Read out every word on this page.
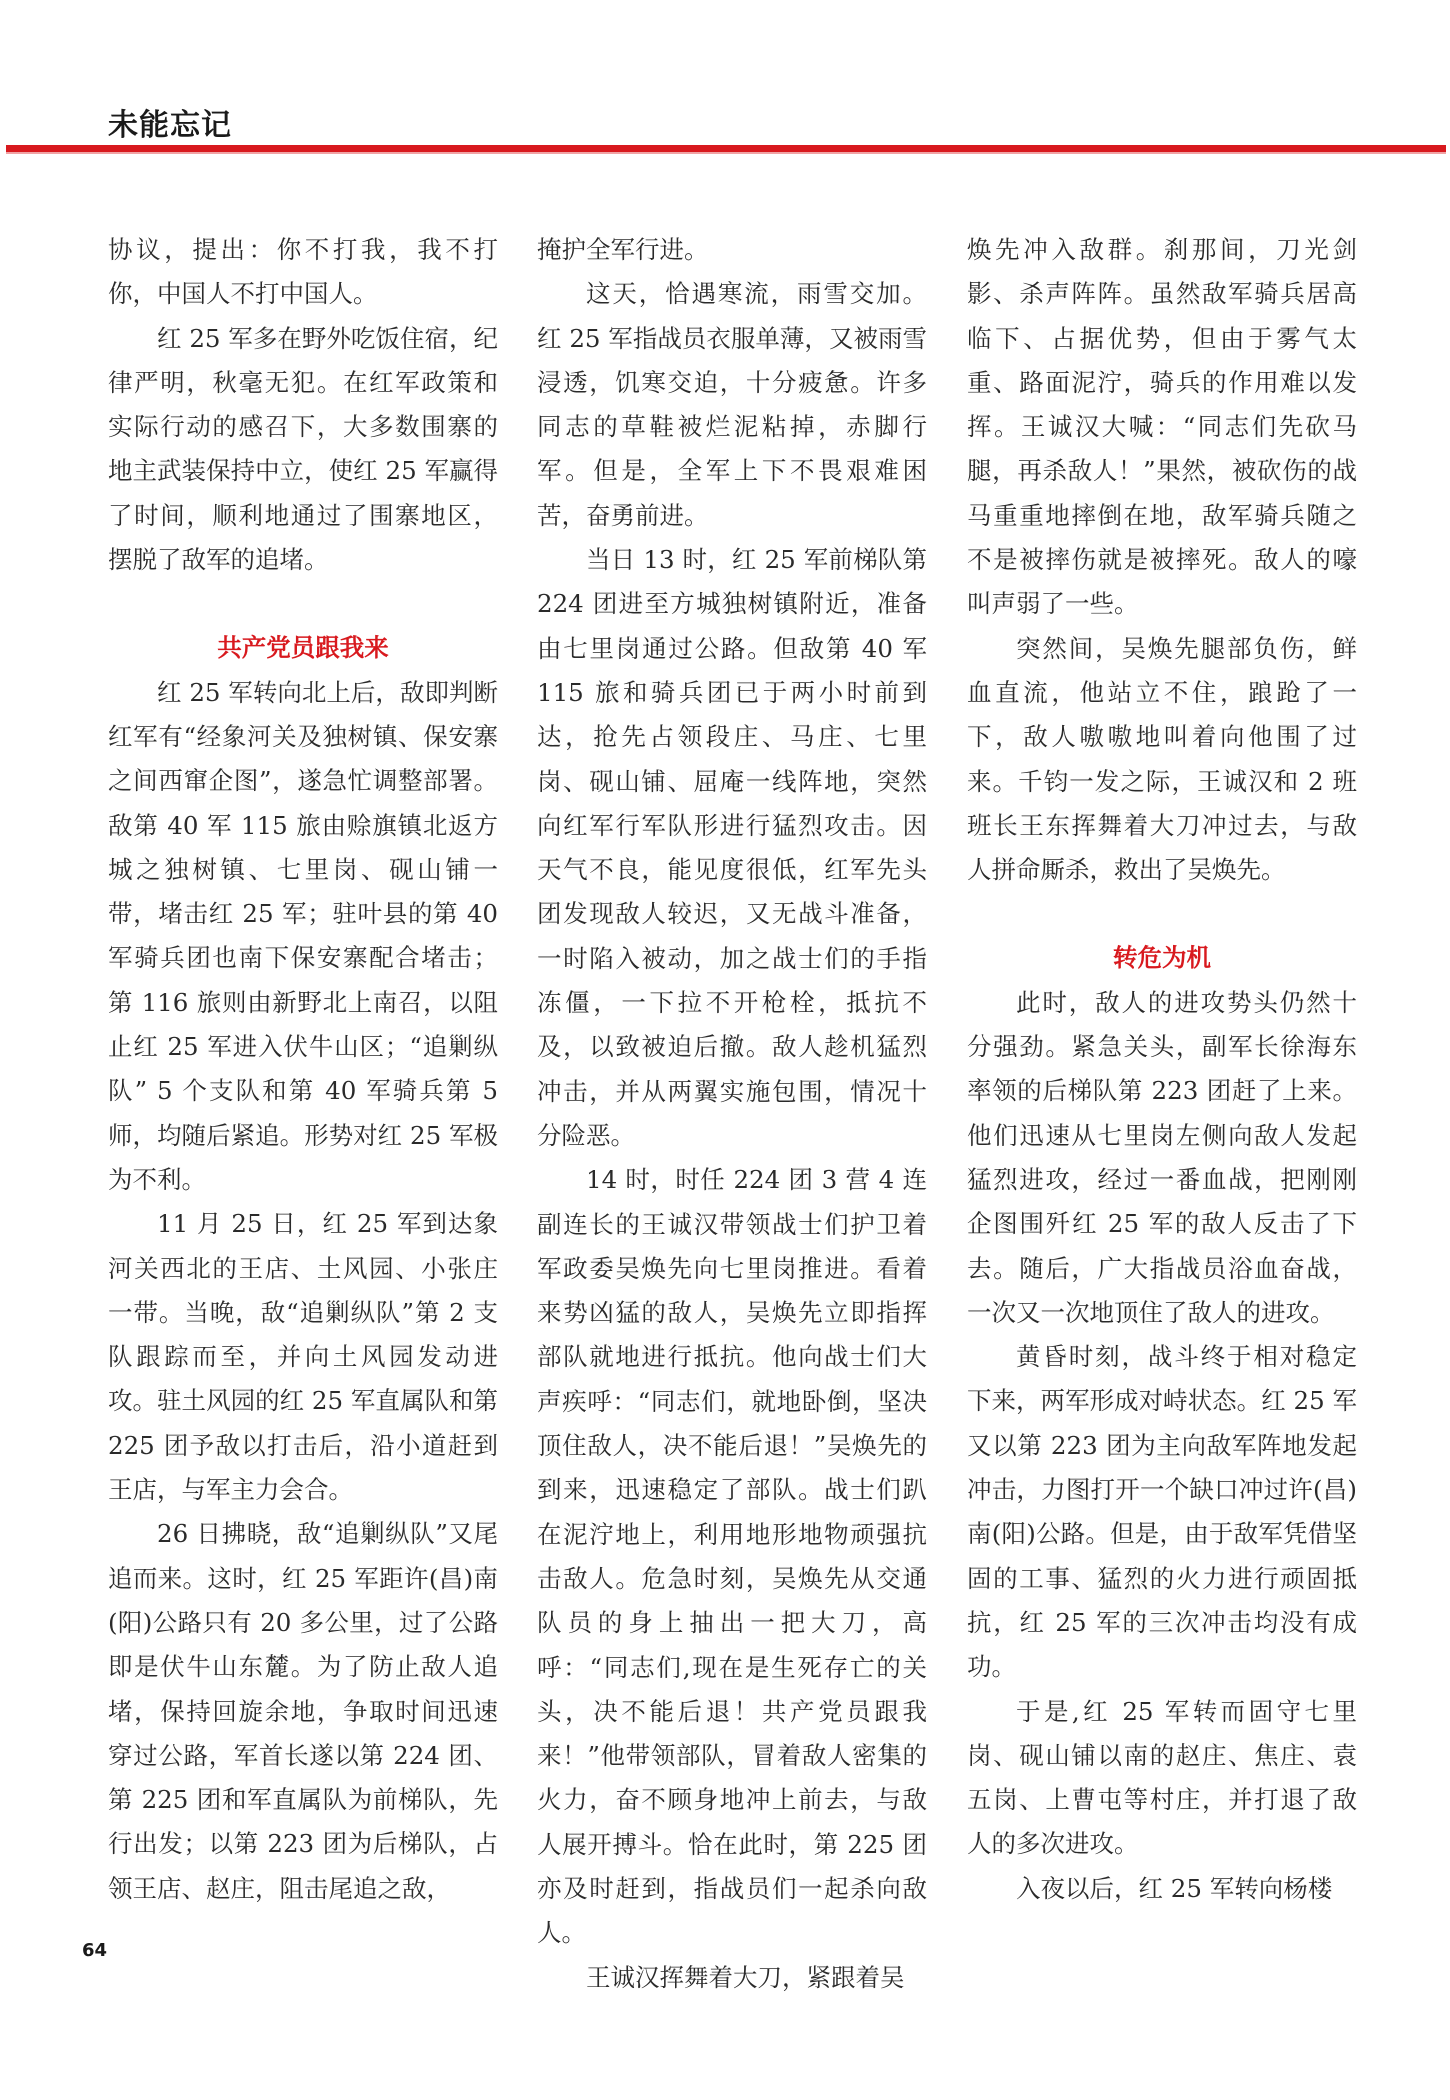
未能忘记

协议，提出：你不打我，我不打你，中国人不打中国人。

红 25 军多在野外吃饭住宿，纪律严明，秋毫无犯。在红军政策和实际行动的感召下，大多数围寨的地主武装保持中立，使红 25 军赢得了时间，顺利地通过了围寨地区，摆脱了敌军的追堵。

共产党员跟我来

红 25 军转向北上后，敌即判断红军有“经象河关及独树镇、保安寨之间西窜企图”，遂急忙调整部署。敌第 40 军 115 旅由赊旗镇北返方城之独树镇、七里岗、砚山铺一带，堵击红 25 军；驻叶县的第 40 军骑兵团也南下保安寨配合堵击；第 116 旅则由新野北上南召，以阻止红 25 军进入伏牛山区；“追剿纵队” 5 个支队和第 40 军骑兵第 5 师，均随后紧追。形势对红 25 军极为不利。

11 月 25 日，红 25 军到达象河关西北的王店、土风园、小张庄一带。当晚，敌“追剿纵队”第 2 支队跟踪而至，并向土风园发动进攻。驻土风园的红 25 军直属队和第 225 团予敌以打击后，沿小道赶到王店，与军主力会合。

26 日拂晓，敌“追剿纵队”又尾追而来。这时，红 25 军距许(昌)南(阳)公路只有 20 多公里，过了公路即是伏牛山东麓。为了防止敌人追堵，保持回旋余地，争取时间迅速穿过公路，军首长遂以第 224 团、第 225 团和军直属队为前梯队，先行出发；以第 223 团为后梯队，占领王店、赵庄，阻击尾追之敌，

掩护全军行进。

这天，恰遇寒流，雨雪交加。红 25 军指战员衣服单薄，又被雨雪浸透，饥寒交迫，十分疲惫。许多同志的草鞋被烂泥粘掉，赤脚行军。但是，全军上下不畏艰难困苦，奋勇前进。

当日 13 时，红 25 军前梯队第 224 团进至方城独树镇附近，准备由七里岗通过公路。但敌第 40 军 115 旅和骑兵团已于两小时前到达，抢先占领段庄、马庄、七里岗、砚山铺、屈庵一线阵地，突然向红军行军队形进行猛烈攻击。因天气不良，能见度很低，红军先头团发现敌人较迟，又无战斗准备，一时陷入被动，加之战士们的手指冻僵，一下拉不开枪栓，抵抗不及，以致被迫后撤。敌人趁机猛烈冲击，并从两翼实施包围，情况十分险恶。

14 时，时任 224 团 3 营 4 连副连长的王诚汉带领战士们护卫着军政委吴焕先向七里岗推进。看着来势凶猛的敌人，吴焕先立即指挥部队就地进行抵抗。他向战士们大声疾呼：“同志们，就地卧倒，坚决顶住敌人，决不能后退！”吴焕先的到来，迅速稳定了部队。战士们趴在泥泞地上，利用地形地物顽强抗击敌人。危急时刻，吴焕先从交通队员的身上抽出一把大刀，高呼：“同志们,现在是生死存亡的关头，决不能后退！共产党员跟我来！”他带领部队，冒着敌人密集的火力，奋不顾身地冲上前去，与敌人展开搏斗。恰在此时，第 225 团亦及时赶到，指战员们一起杀向敌人。

王诚汉挥舞着大刀，紧跟着吴

焕先冲入敌群。刹那间，刀光剑影、杀声阵阵。虽然敌军骑兵居高临下、占据优势，但由于雾气太重、路面泥泞，骑兵的作用难以发挥。王诚汉大喊：“同志们先砍马腿，再杀敌人！”果然，被砍伤的战马重重地摔倒在地，敌军骑兵随之不是被摔伤就是被摔死。敌人的嚎叫声弱了一些。

突然间，吴焕先腿部负伤，鲜血直流，他站立不住，踉跄了一下，敌人嗷嗷地叫着向他围了过来。千钧一发之际，王诚汉和 2 班班长王东挥舞着大刀冲过去，与敌人拼命厮杀，救出了吴焕先。

转危为机

此时，敌人的进攻势头仍然十分强劲。紧急关头，副军长徐海东率领的后梯队第 223 团赶了上来。他们迅速从七里岗左侧向敌人发起猛烈进攻，经过一番血战，把刚刚企图围歼红 25 军的敌人反击了下去。随后，广大指战员浴血奋战，一次又一次地顶住了敌人的进攻。

黄昏时刻，战斗终于相对稳定下来，两军形成对峙状态。红 25 军又以第 223 团为主向敌军阵地发起冲击，力图打开一个缺口冲过许(昌)南(阳)公路。但是，由于敌军凭借坚固的工事、猛烈的火力进行顽固抵抗，红 25 军的三次冲击均没有成功。

于是,红 25 军转而固守七里岗、砚山铺以南的赵庄、焦庄、袁五岗、上曹屯等村庄，并打退了敌人的多次进攻。

入夜以后，红 25 军转向杨楼

64
